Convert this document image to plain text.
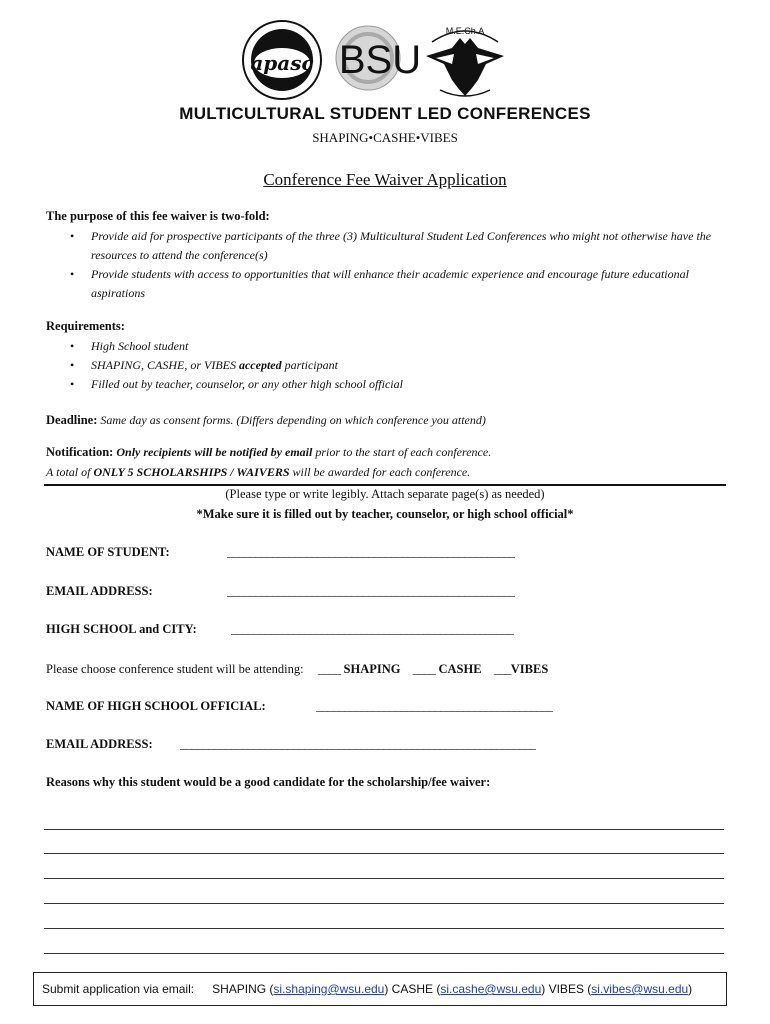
apasc BSU
M.E.Ch.A
MULTICULTURAL STUDENT LED CONFERENCES
SHAPING•CASHE•VIBES
Conference Fee Waiver Application
The purpose of this fee waiver is two-fold:
• Provide aid for prospective participants of the three (3) Multicultural Student Led Conferences who might not otherwise have the resources to attend the conference(s)
• Provide students with access to opportunities that will enhance their academic experience and encourage future educational aspirations
Requirements:
• High School student
• SHAPING, CASHE, or VIBES accepted participant
• Filled out by teacher, counselor, or any other high school official
Deadline: Same day as consent forms. (Differs depending on which conference you attend)
Notification: Only recipients will be notified by email prior to the start of each conference.
A total of ONLY 5 SCHOLARSHIPS / WAIVERS will be awarded for each conference.
(Please type or write legibly. Attach separate page(s) as needed)
*Make sure it is filled out by teacher, counselor, or high school official*
NAME OF STUDENT:	___________________________________________________
EMAIL ADDRESS:	___________________________________________________
HIGH SCHOOL and CITY:	__________________________________________________
Please choose conference student will be attending: ____ SHAPING ____ CASHE ___VIBES
NAME OF HIGH SCHOOL OFFICIAL:	__________________________________________
EMAIL ADDRESS: _______________________________________________________________
Reasons why this student would be a good candidate for the scholarship/fee waiver:
Submit application via email: SHAPING ( si.shaping@wsu.edu ) CASHE ( si.cashe@wsu.edu ) VIBES ( si.vibes@wsu.edu )
